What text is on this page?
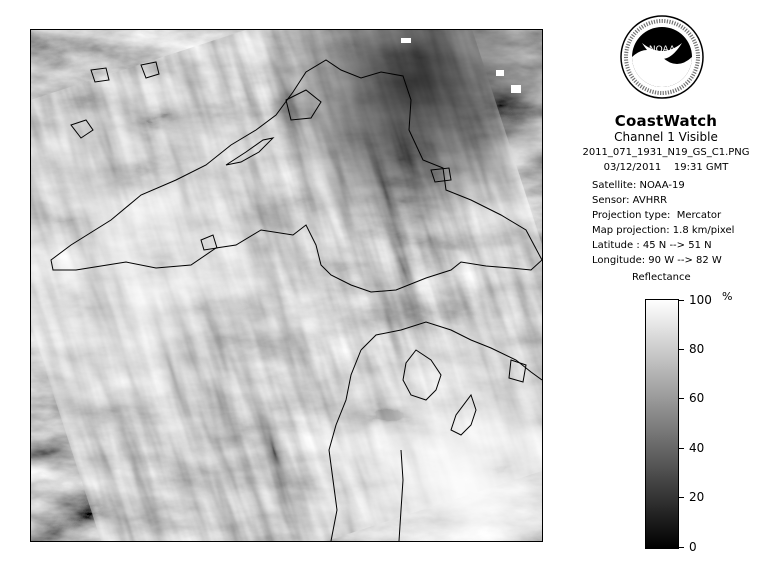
NOAA
CoastWatch
Channel 1 Visible
2011_071_1931_N19_GS_C1.PNG
03/12/2011    19:31 GMT
Satellite: NOAA-19
Sensor: AVHRR
Projection type:  Mercator
Map projection: 1.8 km/pixel
Latitude : 45 N --> 51 N
Longitude: 90 W --> 82 W
Reflectance
%
100
80
60
40
20
0
